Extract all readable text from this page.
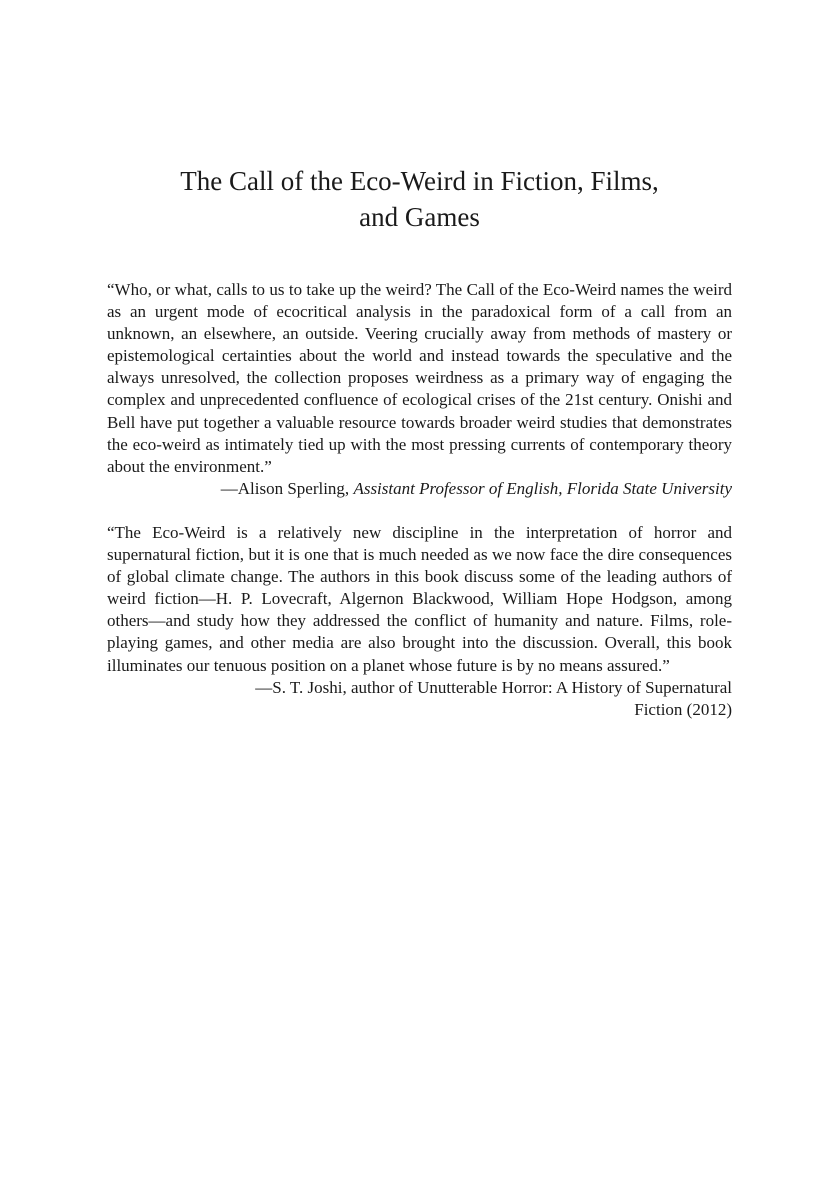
The Call of the Eco-Weird in Fiction, Films,
and Games

“Who, or what, calls to us to take up the weird? The Call of the Eco-Weird names the weird as an urgent mode of ecocritical analysis in the paradoxical form of a call from an unknown, an elsewhere, an outside. Veering crucially away from methods of mastery or epistemological certainties about the world and instead towards the speculative and the always unresolved, the collection proposes weirdness as a primary way of engaging the complex and unprecedented confluence of ecological crises of the 21st century. Onishi and Bell have put together a valuable resource towards broader weird studies that demonstrates the eco-weird as intimately tied up with the most pressing currents of contemporary theory about the environment.”

—Alison Sperling, Assistant Professor of English, Florida State University

“The Eco-Weird is a relatively new discipline in the interpretation of horror and supernatural fiction, but it is one that is much needed as we now face the dire consequences of global climate change. The authors in this book discuss some of the leading authors of weird fiction—H. P. Lovecraft, Algernon Blackwood, William Hope Hodgson, among others—and study how they addressed the conflict of humanity and nature. Films, role-playing games, and other media are also brought into the discussion. Overall, this book illuminates our tenuous position on a planet whose future is by no means assured.”

—S. T. Joshi, author of Unutterable Horror: A History of Supernatural

Fiction (2012)
